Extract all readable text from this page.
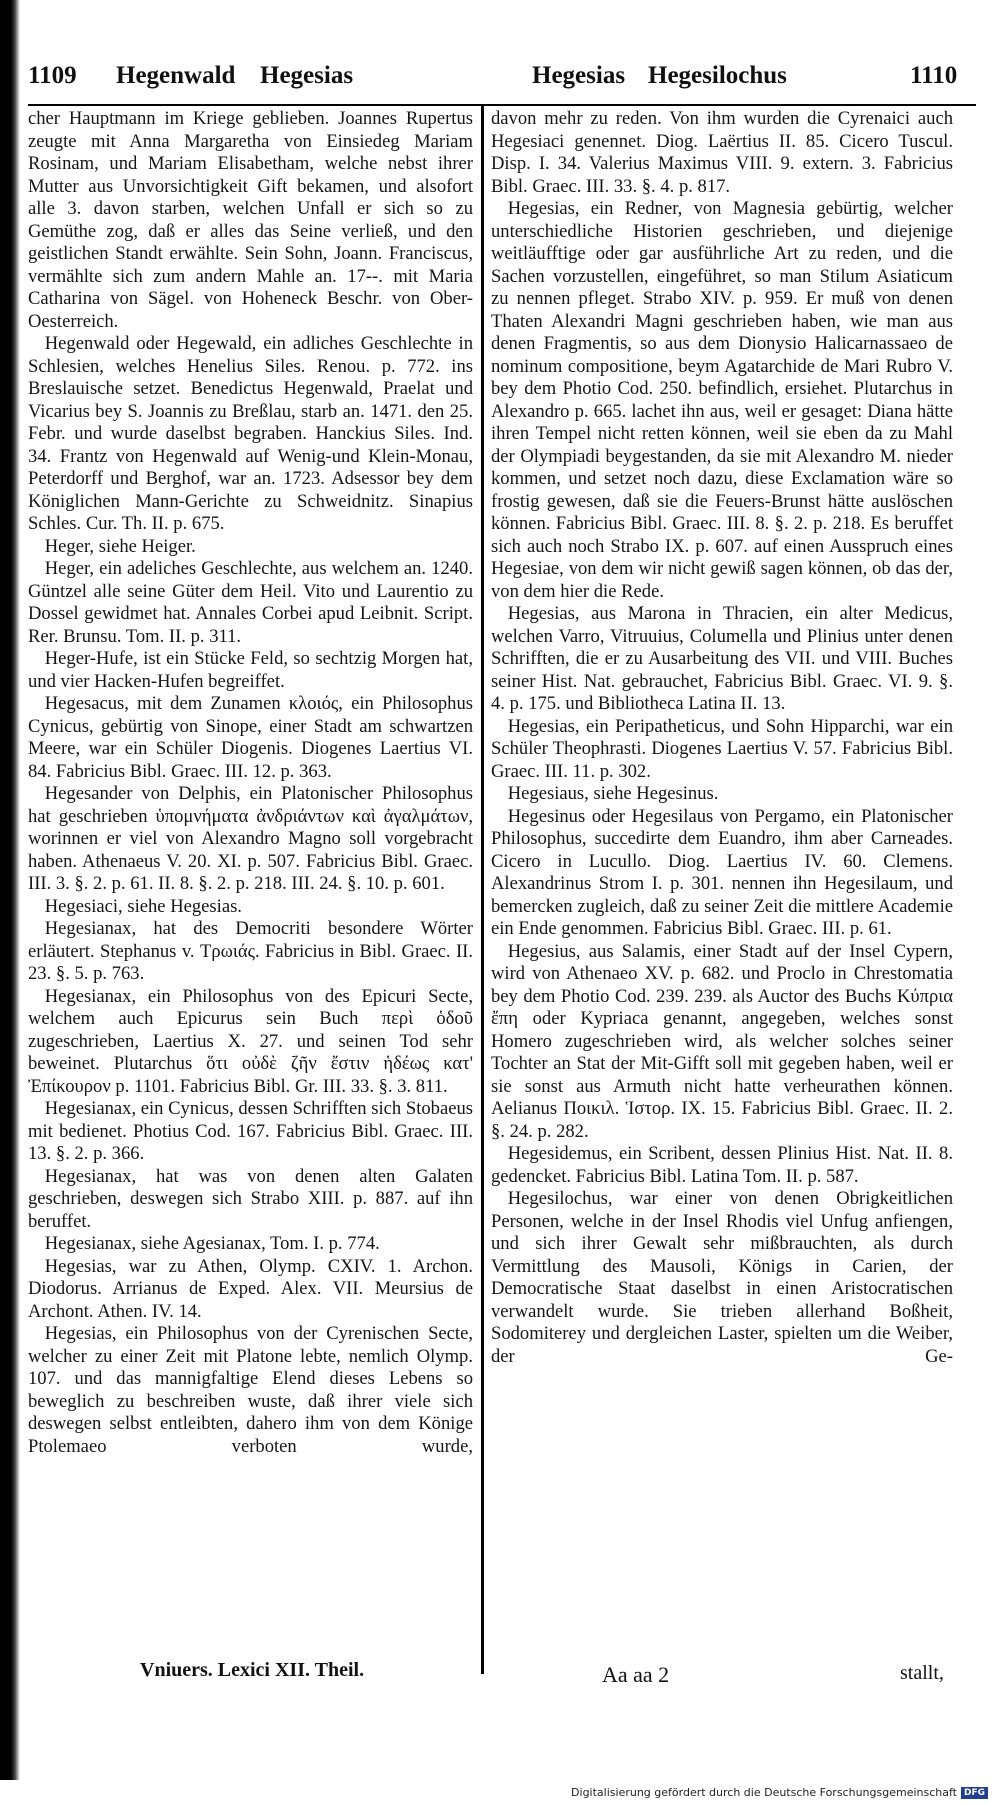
1109 Hegenwald Hegesias	Hegesias Hegesilochus	1110

cher Hauptmann im Kriege geblieben. Joannes Rupertus zeugte mit Anna Margaretha von Einsiedeg Mariam Rosinam, und Mariam Elisabetham, welche nebst ihrer Mutter aus Unvorsichtigkeit Gift bekamen, und alsofort alle 3. davon starben, welchen Unfall er sich so zu Gemüthe zog, daß er alles das Seine verließ, und den geistlichen Standt erwählte. Sein Sohn, Joann. Franciscus, vermählte sich zum andern Mahle an. 17--. mit Maria Catharina von Sägel. von Hoheneck Beschr. von Ober-Oesterreich.

Hegenwald oder Hegewald, ein adliches Geschlechte in Schlesien, welches Henelius Siles. Renou. p. 772. ins Breslauische setzet. Benedictus Hegenwald, Praelat und Vicarius bey S. Joannis zu Breßlau, starb an. 1471. den 25. Febr. und wurde daselbst begraben. Hanckius Siles. Ind. 34. Frantz von Hegenwald auf Wenig-und Klein-Monau, Peterdorff und Berghof, war an. 1723. Adsessor bey dem Königlichen Mann-Gerichte zu Schweidnitz. Sinapius Schles. Cur. Th. II. p. 675.

Heger, siehe Heiger.

Heger, ein adeliches Geschlechte, aus welchem an. 1240. Güntzel alle seine Güter dem Heil. Vito und Laurentio zu Dossel gewidmet hat. Annales Corbei apud Leibnit. Script. Rer. Brunsu. Tom. II. p. 311.

Heger-Hufe, ist ein Stücke Feld, so sechtzig Morgen hat, und vier Hacken-Hufen begreiffet.

Hegesacus, mit dem Zunamen κλοιός, ein Philosophus Cynicus, gebürtig von Sinope, einer Stadt am schwartzen Meere, war ein Schüler Diogenis. Diogenes Laertius VI. 84. Fabricius Bibl. Graec. III. 12. p. 363.

Hegesander von Delphis, ein Platonischer Philosophus hat geschrieben ὑπομνήματα ἀνδριάντων καὶ ἀγαλμάτων, worinnen er viel von Alexandro Magno soll vorgebracht haben. Athenaeus V. 20. XI. p. 507. Fabricius Bibl. Graec. III. 3. §. 2. p. 61. II. 8. §. 2. p. 218. III. 24. §. 10. p. 601.

Hegesiaci, siehe Hegesias.

Hegesianax, hat des Democriti besondere Wörter erläutert. Stephanus v. Τρωιάς. Fabricius in Bibl. Graec. II. 23. §. 5. p. 763.

Hegesianax, ein Philosophus von des Epicuri Secte, welchem auch Epicurus sein Buch περὶ ὁδοῦ zugeschrieben, Laertius X. 27. und seinen Tod sehr beweinet. Plutarchus ὅτι οὐδὲ ζῆν ἔστιν ἡδέως κατ' Ἐπίκουρον p. 1101. Fabricius Bibl. Gr. III. 33. §. 3. 811.

Hegesianax, ein Cynicus, dessen Schrifften sich Stobaeus mit bedienet. Photius Cod. 167. Fabricius Bibl. Graec. III. 13. §. 2. p. 366.

Hegesianax, hat was von denen alten Galaten geschrieben, deswegen sich Strabo XIII. p. 887. auf ihn beruffet.

Hegesianax, siehe Agesianax, Tom. I. p. 774.

Hegesias, war zu Athen, Olymp. CXIV. 1. Archon. Diodorus. Arrianus de Exped. Alex. VII. Meursius de Archont. Athen. IV. 14.

Hegesias, ein Philosophus von der Cyrenischen Secte, welcher zu einer Zeit mit Platone lebte, nemlich Olymp. 107. und das mannigfaltige Elend dieses Lebens so beweglich zu beschreiben wuste, daß ihrer viele sich deswegen selbst entleibten, dahero ihm von dem Könige Ptolemaeo verboten wurde,

davon mehr zu reden. Von ihm wurden die Cyrenaici auch Hegesiaci genennet. Diog. Laërtius II. 85. Cicero Tuscul. Disp. I. 34. Valerius Maximus VIII. 9. extern. 3. Fabricius Bibl. Graec. III. 33. §. 4. p. 817.

Hegesias, ein Redner, von Magnesia gebürtig, welcher unterschiedliche Historien geschrieben, und diejenige weitläufftige oder gar ausführliche Art zu reden, und die Sachen vorzustellen, eingeführet, so man Stilum Asiaticum zu nennen pfleget. Strabo XIV. p. 959. Er muß von denen Thaten Alexandri Magni geschrieben haben, wie man aus denen Fragmentis, so aus dem Dionysio Halicarnassaeo de nominum compositione, beym Agatarchide de Mari Rubro V. bey dem Photio Cod. 250. befindlich, ersiehet. Plutarchus in Alexandro p. 665. lachet ihn aus, weil er gesaget: Diana hätte ihren Tempel nicht retten können, weil sie eben da zu Mahl der Olympiadi beygestanden, da sie mit Alexandro M. nieder kommen, und setzet noch dazu, diese Exclamation wäre so frostig gewesen, daß sie die Feuers-Brunst hätte auslöschen können. Fabricius Bibl. Graec. III. 8. §. 2. p. 218. Es beruffet sich auch noch Strabo IX. p. 607. auf einen Ausspruch eines Hegesiae, von dem wir nicht gewiß sagen können, ob das der, von dem hier die Rede.

Hegesias, aus Marona in Thracien, ein alter Medicus, welchen Varro, Vitruuius, Columella und Plinius unter denen Schrifften, die er zu Ausarbeitung des VII. und VIII. Buches seiner Hist. Nat. gebrauchet, Fabricius Bibl. Graec. VI. 9. §. 4. p. 175. und Bibliotheca Latina II. 13.

Hegesias, ein Peripatheticus, und Sohn Hipparchi, war ein Schüler Theophrasti. Diogenes Laertius V. 57. Fabricius Bibl. Graec. III. 11. p. 302.

Hegesiaus, siehe Hegesinus.

Hegesinus oder Hegesilaus von Pergamo, ein Platonischer Philosophus, succedirte dem Euandro, ihm aber Carneades. Cicero in Lucullo. Diog. Laertius IV. 60. Clemens. Alexandrinus Strom I. p. 301. nennen ihn Hegesilaum, und bemercken zugleich, daß zu seiner Zeit die mittlere Academie ein Ende genommen. Fabricius Bibl. Graec. III. p. 61.

Hegesius, aus Salamis, einer Stadt auf der Insel Cypern, wird von Athenaeo XV. p. 682. und Proclo in Chrestomatia bey dem Photio Cod. 239. 239. als Auctor des Buchs Κύπρια ἔπη oder Kypriaca genannt, angegeben, welches sonst Homero zugeschrieben wird, als welcher solches seiner Tochter an Stat der Mit-Gifft soll mit gegeben haben, weil er sie sonst aus Armuth nicht hatte verheurathen können. Aelianus Ποικιλ. Ἱστορ. IX. 15. Fabricius Bibl. Graec. II. 2. §. 24. p. 282.

Hegesidemus, ein Scribent, dessen Plinius Hist. Nat. II. 8. gedencket. Fabricius Bibl. Latina Tom. II. p. 587.

Hegesilochus, war einer von denen Obrigkeitlichen Personen, welche in der Insel Rhodis viel Unfug anfiengen, und sich ihrer Gewalt sehr mißbrauchten, als durch Vermittlung des Mausoli, Königs in Carien, der Democratische Staat daselbst in einen Aristocratischen verwandelt wurde. Sie trieben allerhand Boßheit, Sodomiterey und dergleichen Laster, spielten um die Weiber, der Ge-

Vniuers. Lexici XII. Theil.	Aa aa 2	stallt,
Digitalisierung gefördert durch die Deutsche Forschungsgemeinschaft DFG
